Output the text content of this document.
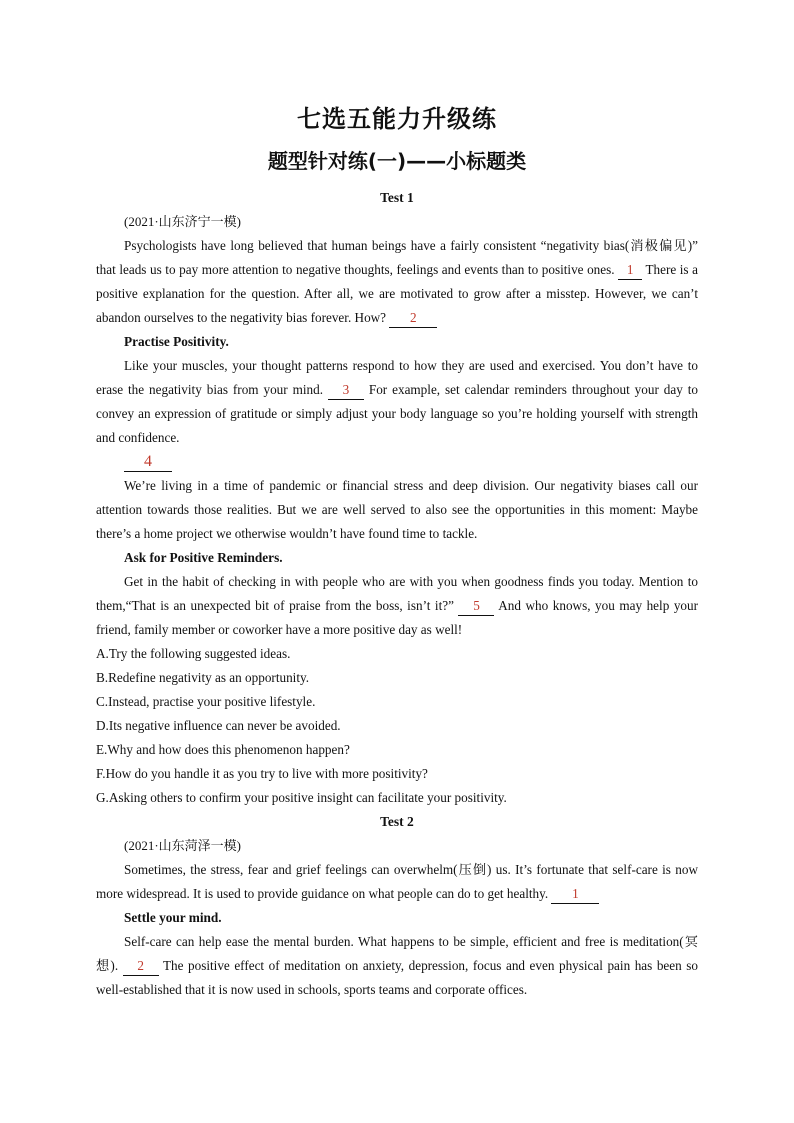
七选五能力升级练
题型针对练(一)——小标题类

Test 1

(2021·山东济宁一模)

Psychologists have long believed that human beings have a fairly consistent “negativity bias(消极偏见)” that leads us to pay more attention to negative thoughts, feelings and events than to positive ones. 1 There is a positive explanation for the question. After all, we are motivated to grow after a misstep. However, we can’t abandon ourselves to the negativity bias forever. How? 2

Practise Positivity.

Like your muscles, your thought patterns respond to how they are used and exercised. You don’t have to erase the negativity bias from your mind. 3 For example, set calendar reminders throughout your day to convey an expression of gratitude or simply adjust your body language so you’re holding yourself with strength and confidence.

4

We’re living in a time of pandemic or financial stress and deep division. Our negativity biases call our attention towards those realities. But we are well served to also see the opportunities in this moment: Maybe there’s a home project we otherwise wouldn’t have found time to tackle.

Ask for Positive Reminders.

Get in the habit of checking in with people who are with you when goodness finds you today. Mention to them,“That is an unexpected bit of praise from the boss, isn’t it?” 5 And who knows, you may help your friend, family member or coworker have a more positive day as well!

A.Try the following suggested ideas.

B.Redefine negativity as an opportunity.

C.Instead, practise your positive lifestyle.

D.Its negative influence can never be avoided.

E.Why and how does this phenomenon happen?

F.How do you handle it as you try to live with more positivity?

G.Asking others to confirm your positive insight can facilitate your positivity.

Test 2

(2021·山东菏泽一模)

Sometimes, the stress, fear and grief feelings can overwhelm(压倒) us. It’s fortunate that self-care is now more widespread. It is used to provide guidance on what people can do to get healthy. 1

Settle your mind.

Self-care can help ease the mental burden. What happens to be simple, efficient and free is meditation(冥想). 2 The positive effect of meditation on anxiety, depression, focus and even physical pain has been so well-established that it is now used in schools, sports teams and corporate offices.
